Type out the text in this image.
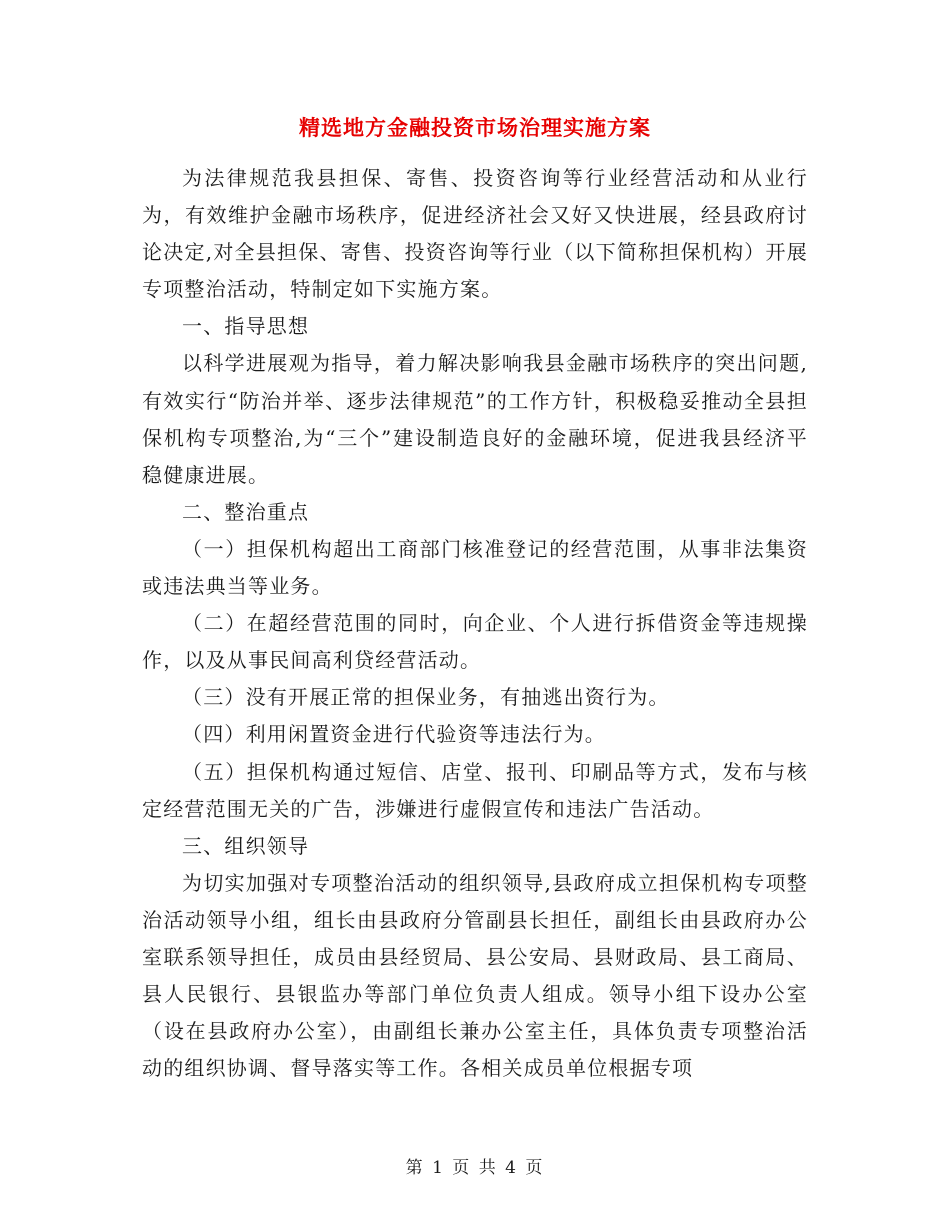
精选地方金融投资市场治理实施方案

为法律规范我县担保、寄售、投资咨询等行业经营活动和从业行为，有效维护金融市场秩序，促进经济社会又好又快进展，经县政府讨论决定,对全县担保、寄售、投资咨询等行业（以下简称担保机构）开展专项整治活动，特制定如下实施方案。

一、指导思想

以科学进展观为指导，着力解决影响我县金融市场秩序的突出问题,有效实行“防治并举、逐步法律规范”的工作方针，积极稳妥推动全县担保机构专项整治,为“三个”建设制造良好的金融环境，促进我县经济平稳健康进展。

二、整治重点

（一）担保机构超出工商部门核准登记的经营范围，从事非法集资或违法典当等业务。

（二）在超经营范围的同时，向企业、个人进行拆借资金等违规操作，以及从事民间高利贷经营活动。

（三）没有开展正常的担保业务，有抽逃出资行为。

（四）利用闲置资金进行代验资等违法行为。

（五）担保机构通过短信、店堂、报刊、印刷品等方式，发布与核定经营范围无关的广告，涉嫌进行虚假宣传和违法广告活动。

三、组织领导

为切实加强对专项整治活动的组织领导,县政府成立担保机构专项整治活动领导小组，组长由县政府分管副县长担任，副组长由县政府办公室联系领导担任，成员由县经贸局、县公安局、县财政局、县工商局、县人民银行、县银监办等部门单位负责人组成。领导小组下设办公室（设在县政府办公室），由副组长兼办公室主任，具体负责专项整治活动的组织协调、督导落实等工作。各相关成员单位根据专项

第 1 页 共 4 页
